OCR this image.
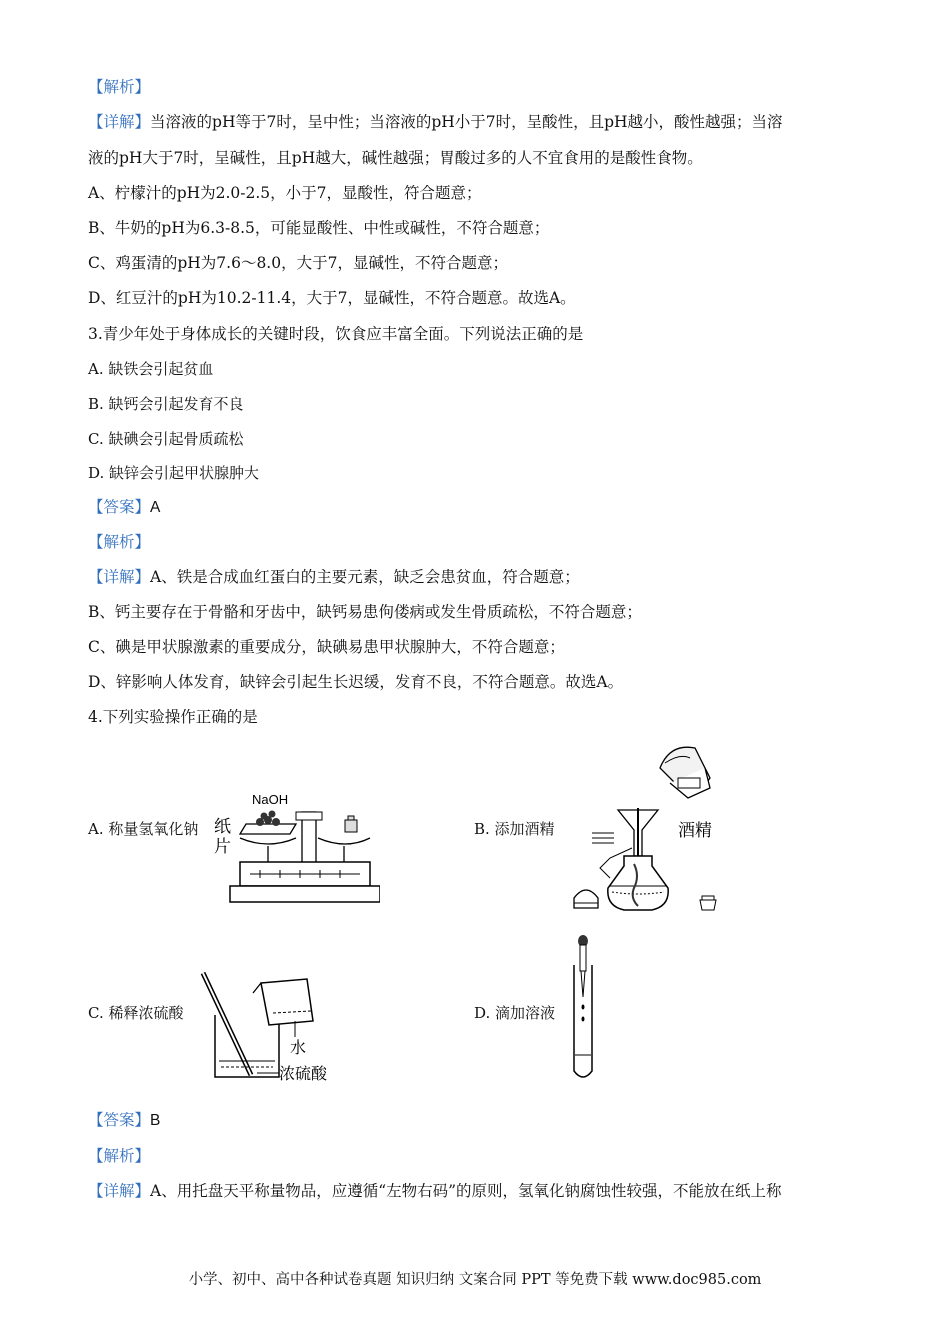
【解析】
【详解】当溶液的pH等于7时，呈中性；当溶液的pH小于7时，呈酸性，且pH越小，酸性越强；当溶
液的pH大于7时，呈碱性，且pH越大，碱性越强；胃酸过多的人不宜食用的是酸性食物。
A、柠檬汁的pH为2.0-2.5，小于7，显酸性，符合题意；
B、牛奶的pH为6.3-8.5，可能显酸性、中性或碱性，不符合题意；
C、鸡蛋清的pH为7.6～8.0，大于7，显碱性，不符合题意；
D、红豆汁的pH为10.2-11.4，大于7，显碱性，不符合题意。故选A。
3.青少年处于身体成长的关键时段，饮食应丰富全面。下列说法正确的是
A. 缺铁会引起贫血
B. 缺钙会引起发育不良
C. 缺碘会引起骨质疏松
D. 缺锌会引起甲状腺肿大
【答案】A
【解析】
【详解】A、铁是合成血红蛋白的主要元素，缺乏会患贫血，符合题意；
B、钙主要存在于骨骼和牙齿中，缺钙易患佝偻病或发生骨质疏松，不符合题意；
C、碘是甲状腺激素的重要成分，缺碘易患甲状腺肿大，不符合题意；
D、锌影响人体发育，缺锌会引起生长迟缓，发育不良，不符合题意。故选A。
4.下列实验操作正确的是
A. 称量氢氧化钠
NaOH
纸
片
B. 添加酒精	酒精
C. 稀释浓硫酸
水
浓硫酸
D. 滴加溶液
【答案】B
【解析】
【详解】A、用托盘天平称量物品，应遵循“左物右码”的原则，氢氧化钠腐蚀性较强，不能放在纸上称
小学、初中、高中各种试卷真题 知识归纳 文案合同 PPT 等免费下载 www.doc985.com
